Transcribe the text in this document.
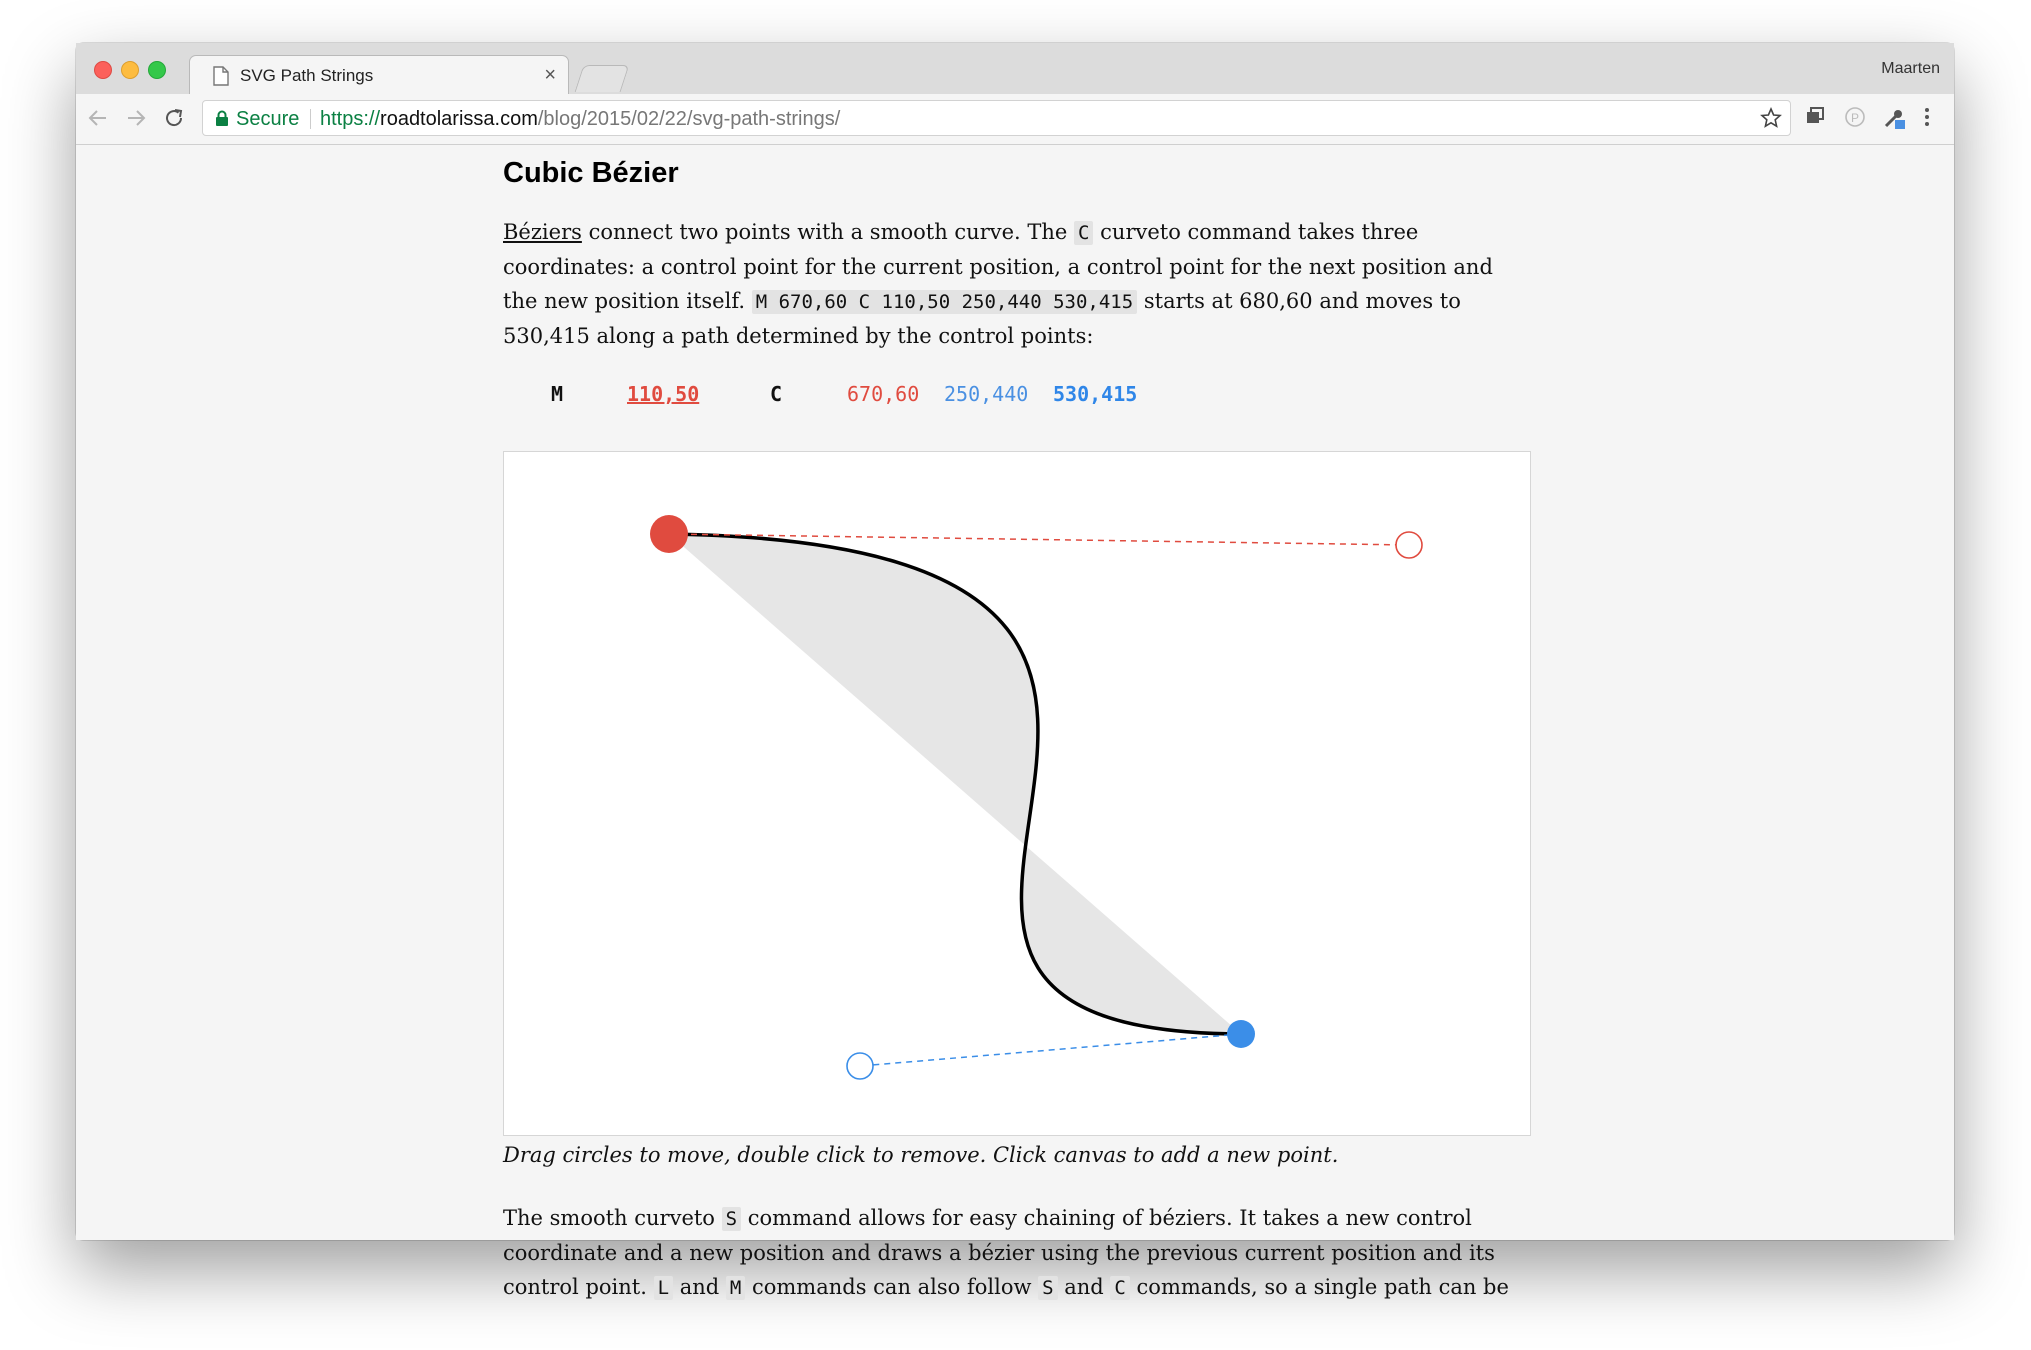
SVG Path Strings	×	Maarten
Secure https://roadtolarissa.com/blog/2015/02/22/svg-path-strings/	P
Cubic Bézier

Béziers connect two points with a smooth curve. The C curveto command takes three coordinates: a control point for the current position, a control point for the next position and the new position itself. M 670,60 C 110,50 250,440 530,415 starts at 680,60 and moves to 530,415 along a path determined by the control points:

M	110,50	C	670,60 250,440 530,415
Drag circles to move, double click to remove. Click canvas to add a new point.

The smooth curveto S command allows for easy chaining of béziers. It takes a new control coordinate and a new position and draws a bézier using the previous current position and its control point. L and M commands can also follow S and C commands, so a single path can be
